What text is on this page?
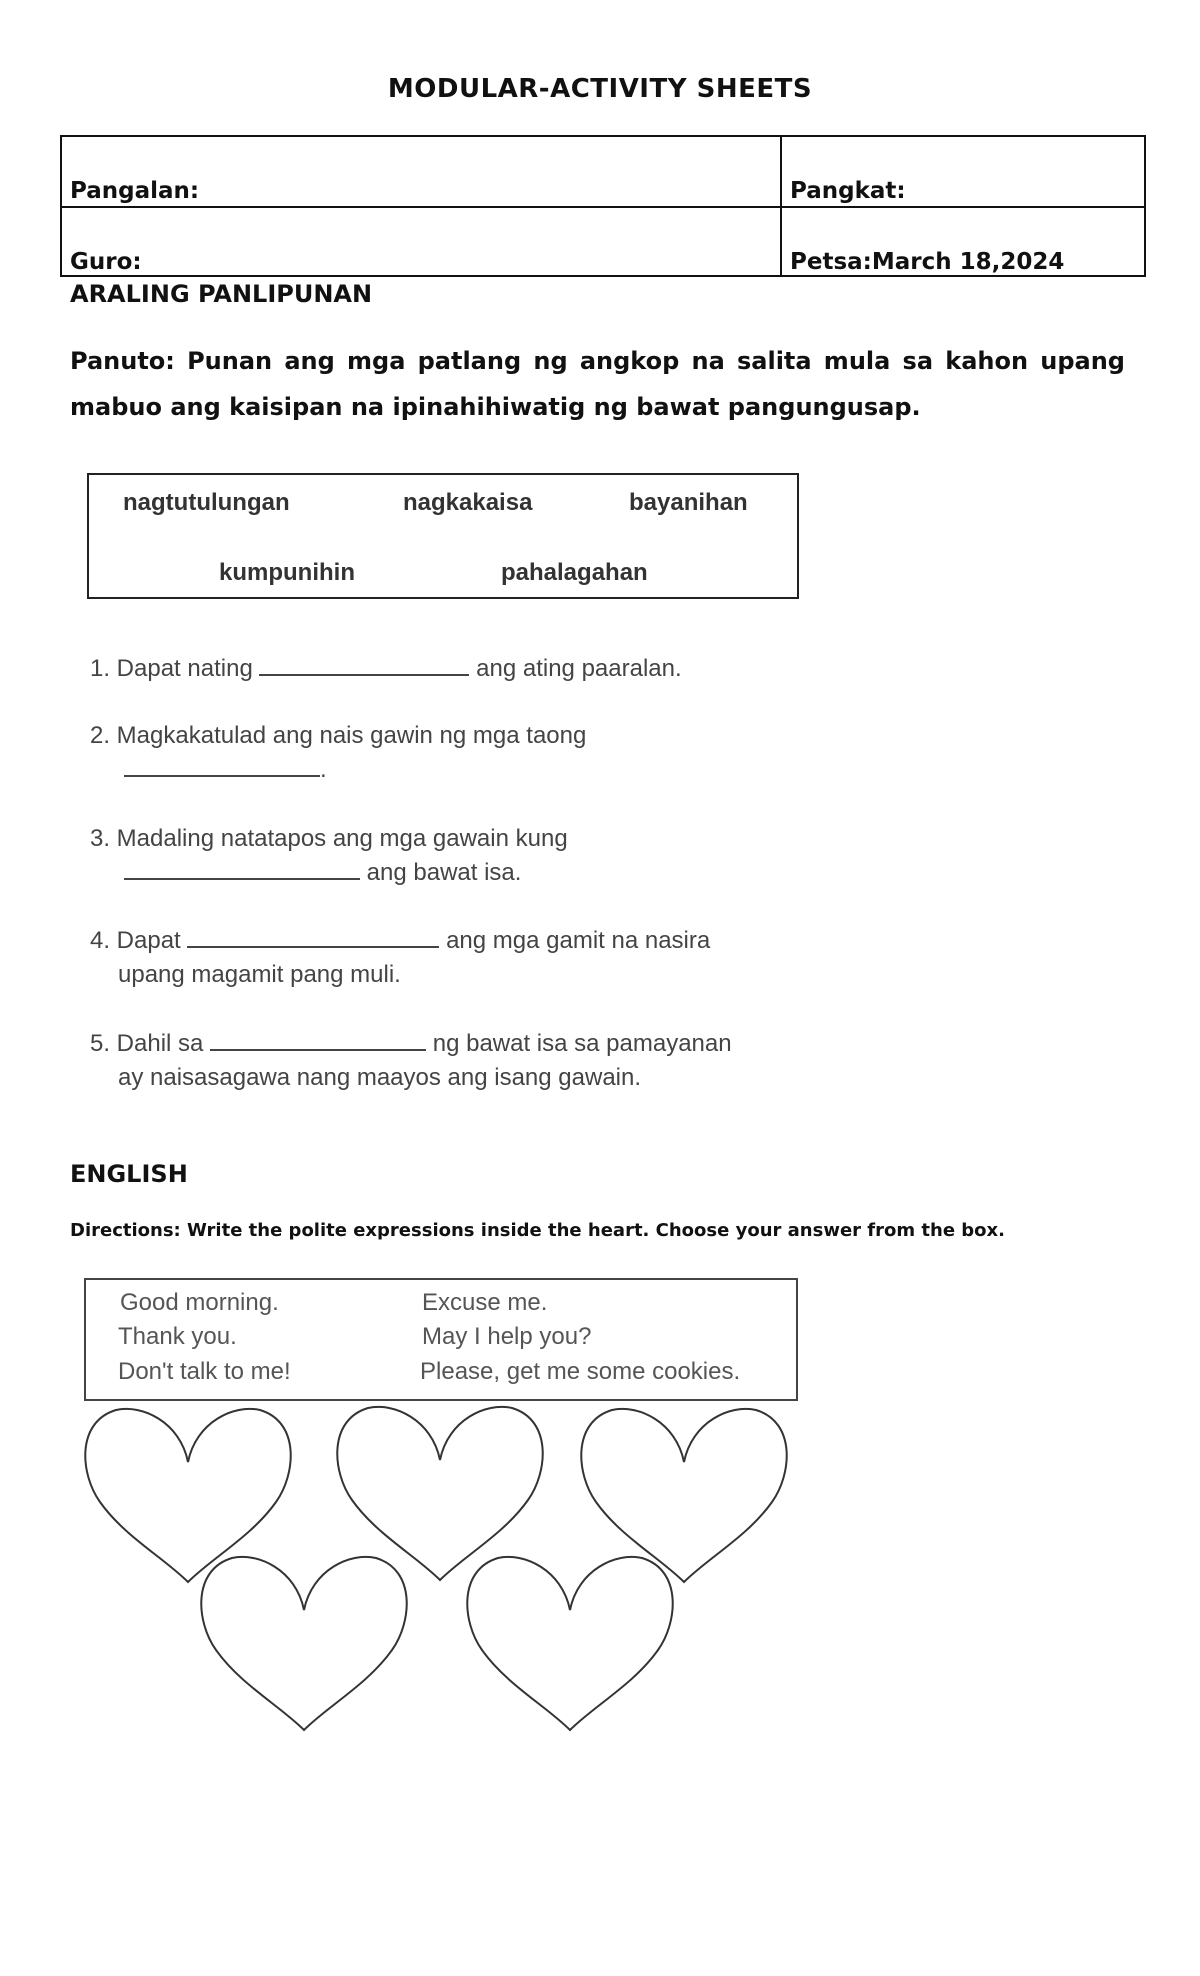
MODULAR-ACTIVITY SHEETS
Pangalan:	Pangkat:
Guro:	Petsa:March 18,2024
ARALING PANLIPUNAN
Panuto: Punan ang mga patlang ng angkop na salita mula sa kahon upang mabuo ang kaisipan na ipinahihiwatig ng bawat pangungusap.
nagtutulungan	nagkakaisa	bayanihan
kumpunihin	pahalagahan
1. Dapat nating	ang ating paaralan.
2. Magkakatulad ang nais gawin ng mga taong
.
3. Madaling natatapos ang mga gawain kung
ang bawat isa.
4. Dapat	ang mga gamit na nasira
upang magamit pang muli.
5. Dahil sa	ng bawat isa sa pamayanan
ay naisasagawa nang maayos ang isang gawain.
ENGLISH
Directions: Write the polite expressions inside the heart. Choose your answer from the box.
Good morning.	Excuse me.
Thank you.	May I help you?
Don't talk to me!	Please, get me some cookies.
